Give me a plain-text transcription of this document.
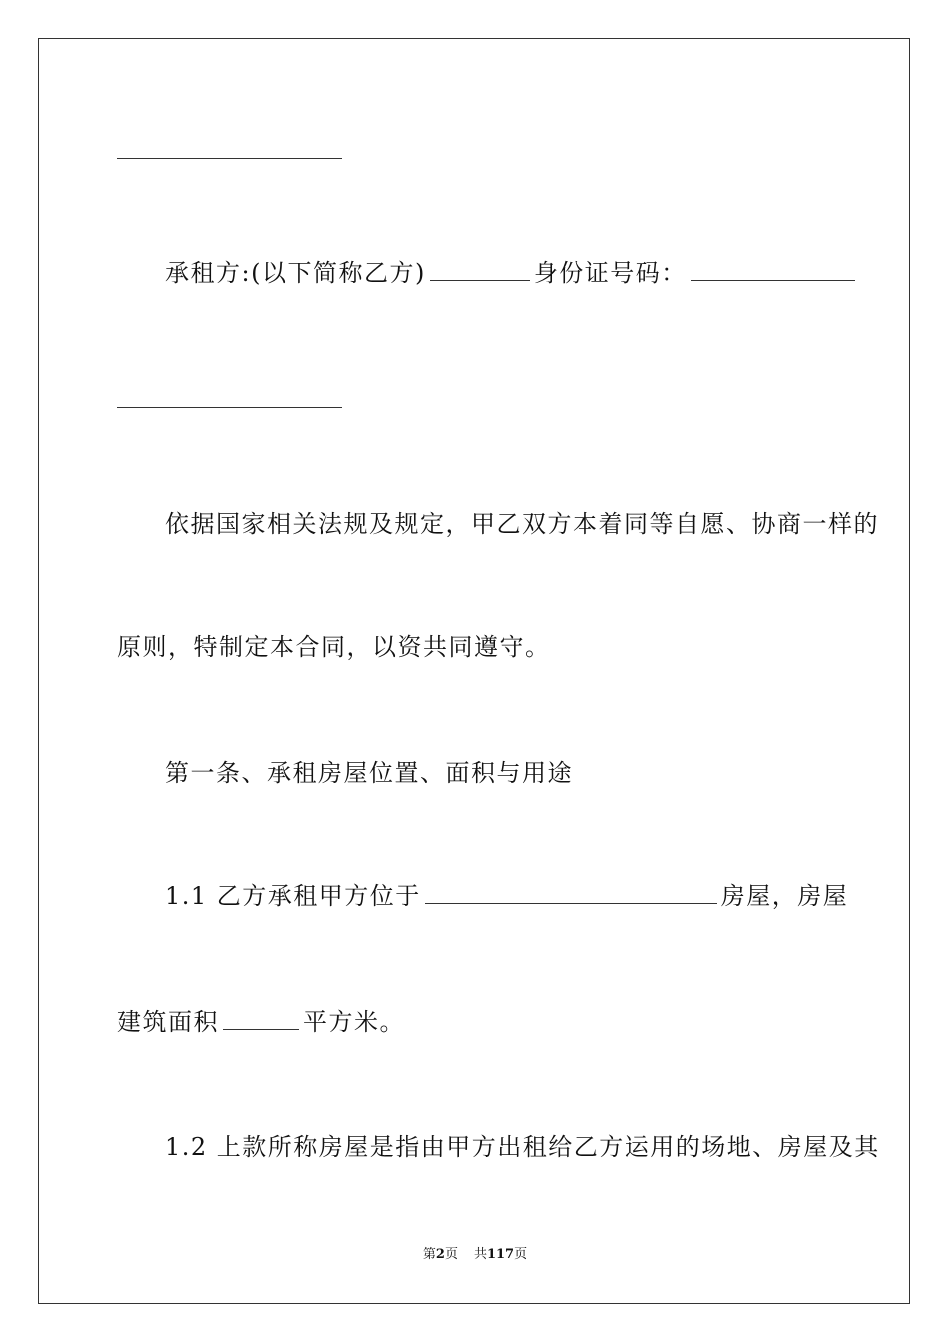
承租方:(以下简称乙方)	身份证号码：
依据国家相关法规及规定，甲乙双方本着同等自愿、协商一样的
原则，特制定本合同，以资共同遵守。
第一条、承租房屋位置、面积与用途
1.1 乙方承租甲方位于	房屋，房屋
建筑面积	平方米。
1.2 上款所称房屋是指由甲方出租给乙方运用的场地、房屋及其
第2页 共117页
